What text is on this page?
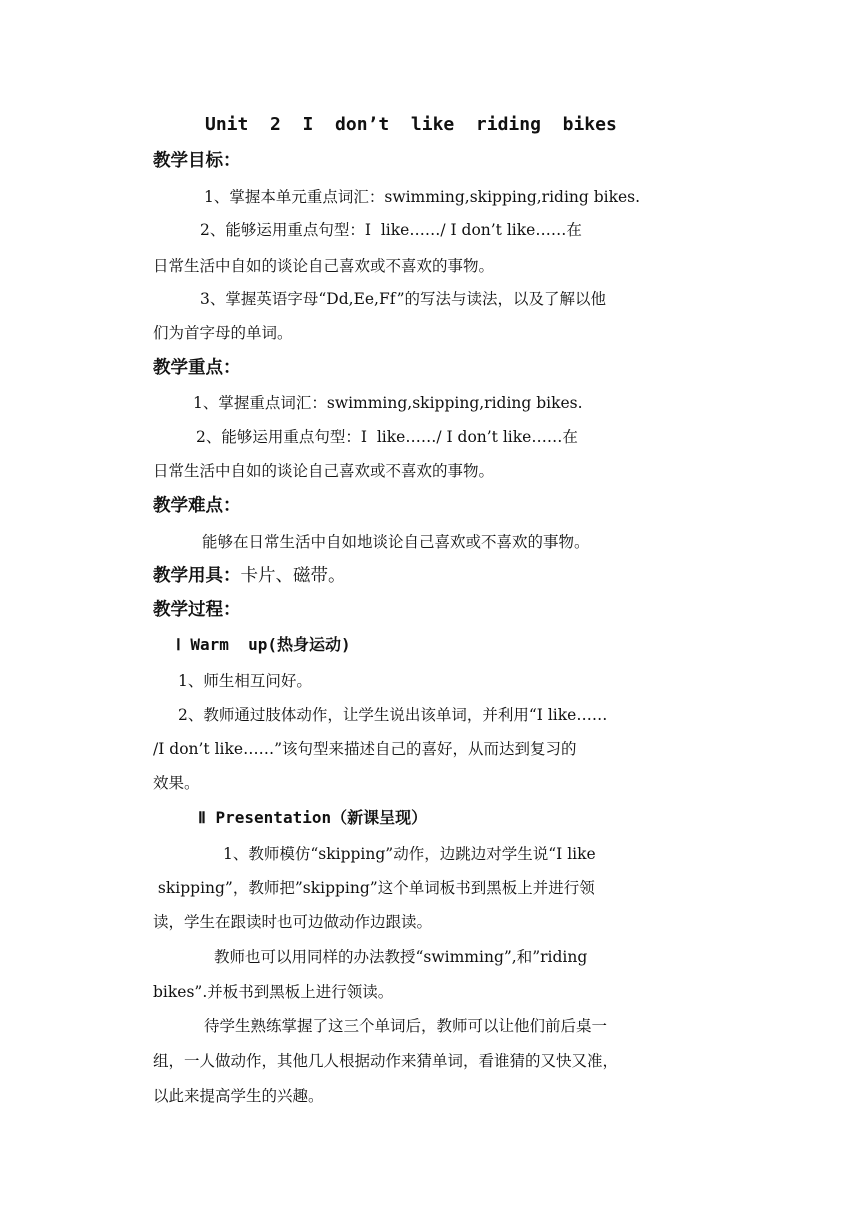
Unit  2  I  don’t  like  riding  bikes
教学目标：
1、掌握本单元重点词汇：swimming,skipping,riding bikes.
2、能够运用重点句型：I  like……/ I don’t like……在
日常生活中自如的谈论自己喜欢或不喜欢的事物。
3、掌握英语字母“Dd,Ee,Ff”的写法与读法，以及了解以他
们为首字母的单词。
教学重点：
1、掌握重点词汇：swimming,skipping,riding bikes.
2、能够运用重点句型：I  like……/ I don’t like……在
日常生活中自如的谈论自己喜欢或不喜欢的事物。
教学难点：
能够在日常生活中自如地谈论自己喜欢或不喜欢的事物。
教学用具：卡片、磁带。
教学过程：
Ⅰ Warm  up(热身运动)
1、师生相互问好。
2、教师通过肢体动作，让学生说出该单词，并利用“I like……
/I don’t like……”该句型来描述自己的喜好，从而达到复习的
效果。
Ⅱ Presentation（新课呈现）
1、教师模仿“skipping”动作，边跳边对学生说“I like
skipping”，教师把”skipping”这个单词板书到黑板上并进行领
读，学生在跟读时也可边做动作边跟读。
教师也可以用同样的办法教授“swimming”,和”riding
bikes”.并板书到黑板上进行领读。
待学生熟练掌握了这三个单词后，教师可以让他们前后桌一
组，一人做动作，其他几人根据动作来猜单词，看谁猜的又快又准，
以此来提高学生的兴趣。
